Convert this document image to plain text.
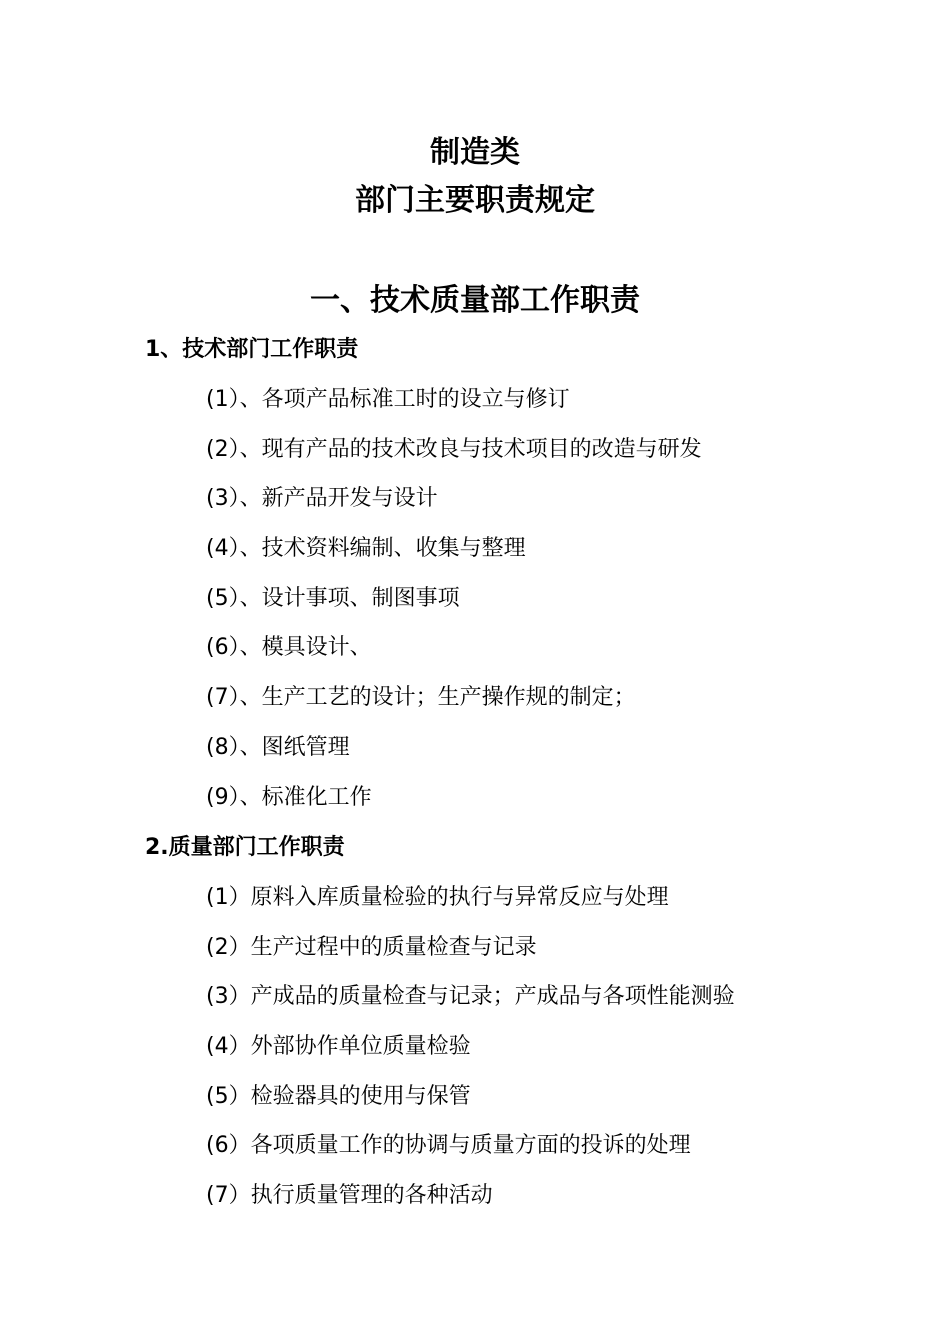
制造类
部门主要职责规定
一、技术质量部工作职责
1、技术部门工作职责
(1）、各项产品标准工时的设立与修订
(2）、现有产品的技术改良与技术项目的改造与研发
(3）、新产品开发与设计
(4）、技术资料编制、收集与整理
(5）、设计事项、制图事项
(6）、模具设计、
(7）、生产工艺的设计；生产操作规的制定；
(8）、图纸管理
(9）、标准化工作
2.质量部门工作职责
(1）原料入库质量检验的执行与异常反应与处理
(2）生产过程中的质量检查与记录
(3）产成品的质量检查与记录；产成品与各项性能测验
(4）外部协作单位质量检验
(5）检验器具的使用与保管
(6）各项质量工作的协调与质量方面的投诉的处理
(7）执行质量管理的各种活动
